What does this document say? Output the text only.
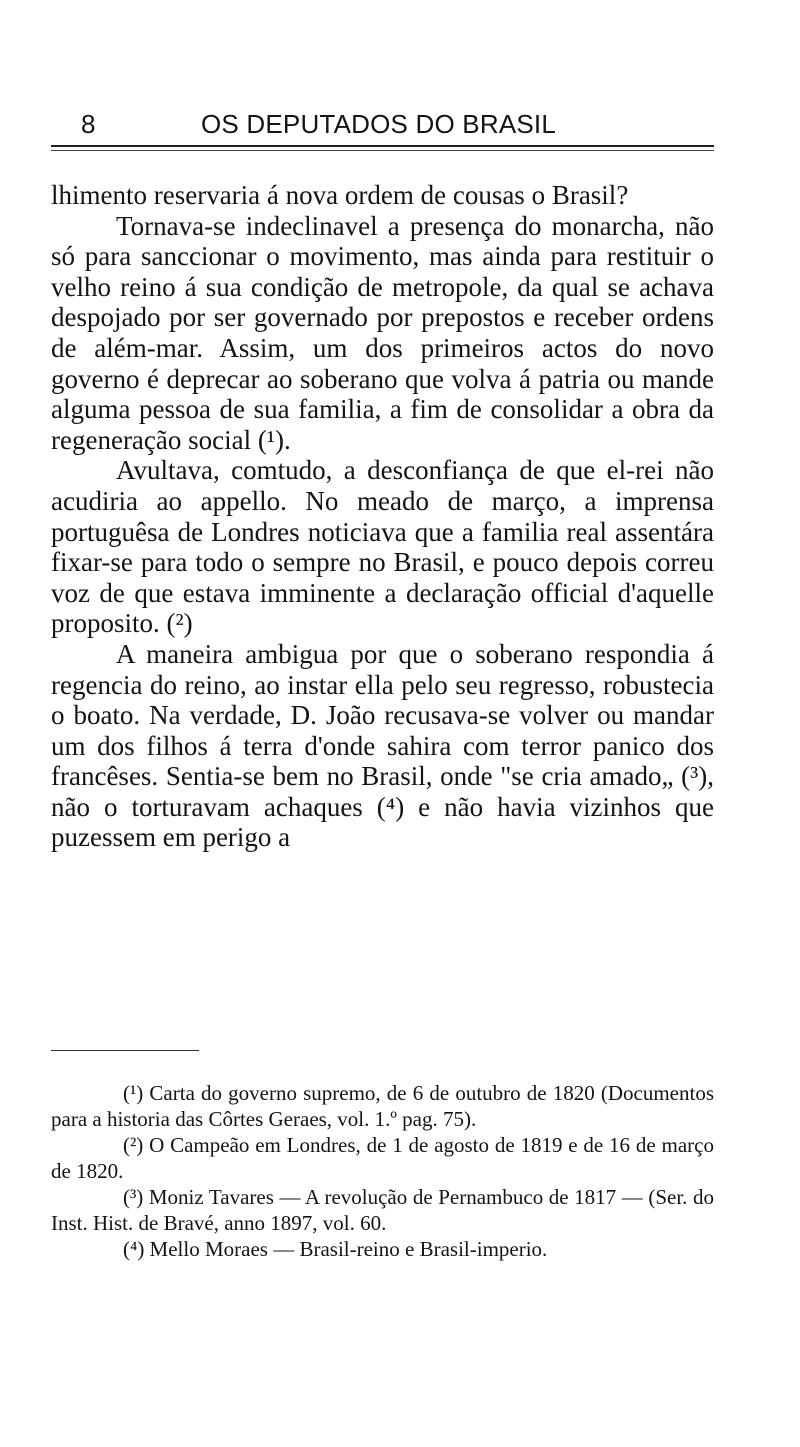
8	OS DEPUTADOS DO BRASIL

lhimento reservaria á nova ordem de cousas o Brasil?

Tornava-se indeclinavel a presença do monarcha, não só para sanccionar o movimento, mas ainda para restituir o velho reino á sua condição de metropole, da qual se achava despojado por ser governado por prepostos e receber ordens de além-mar. Assim, um dos primeiros actos do novo governo é deprecar ao soberano que volva á patria ou mande alguma pessoa de sua familia, a fim de consolidar a obra da regeneração social (¹).

Avultava, comtudo, a desconfiança de que el-rei não acudiria ao appello. No meado de março, a imprensa portuguêsa de Londres noticiava que a familia real assentára fixar-se para todo o sempre no Brasil, e pouco depois correu voz de que estava imminente a declaração official d'aquelle proposito. (²)

A maneira ambigua por que o soberano respondia á regencia do reino, ao instar ella pelo seu regresso, robustecia o boato. Na verdade, D. João recusava-se volver ou mandar um dos filhos á terra d'onde sahira com terror panico dos francêses. Sentia-se bem no Brasil, onde "se cria amado„ (³), não o torturavam achaques (⁴) e não havia vizinhos que puzessem em perigo a

(¹) Carta do governo supremo, de 6 de outubro de 1820 (Documentos para a historia das Côrtes Geraes, vol. 1.º pag. 75).

(²) O Campeão em Londres, de 1 de agosto de 1819 e de 16 de março de 1820.

(³) Moniz Tavares — A revolução de Pernambuco de 1817 — (Ser. do Inst. Hist. de Bravé, anno 1897, vol. 60.

(⁴) Mello Moraes — Brasil-reino e Brasil-imperio.
